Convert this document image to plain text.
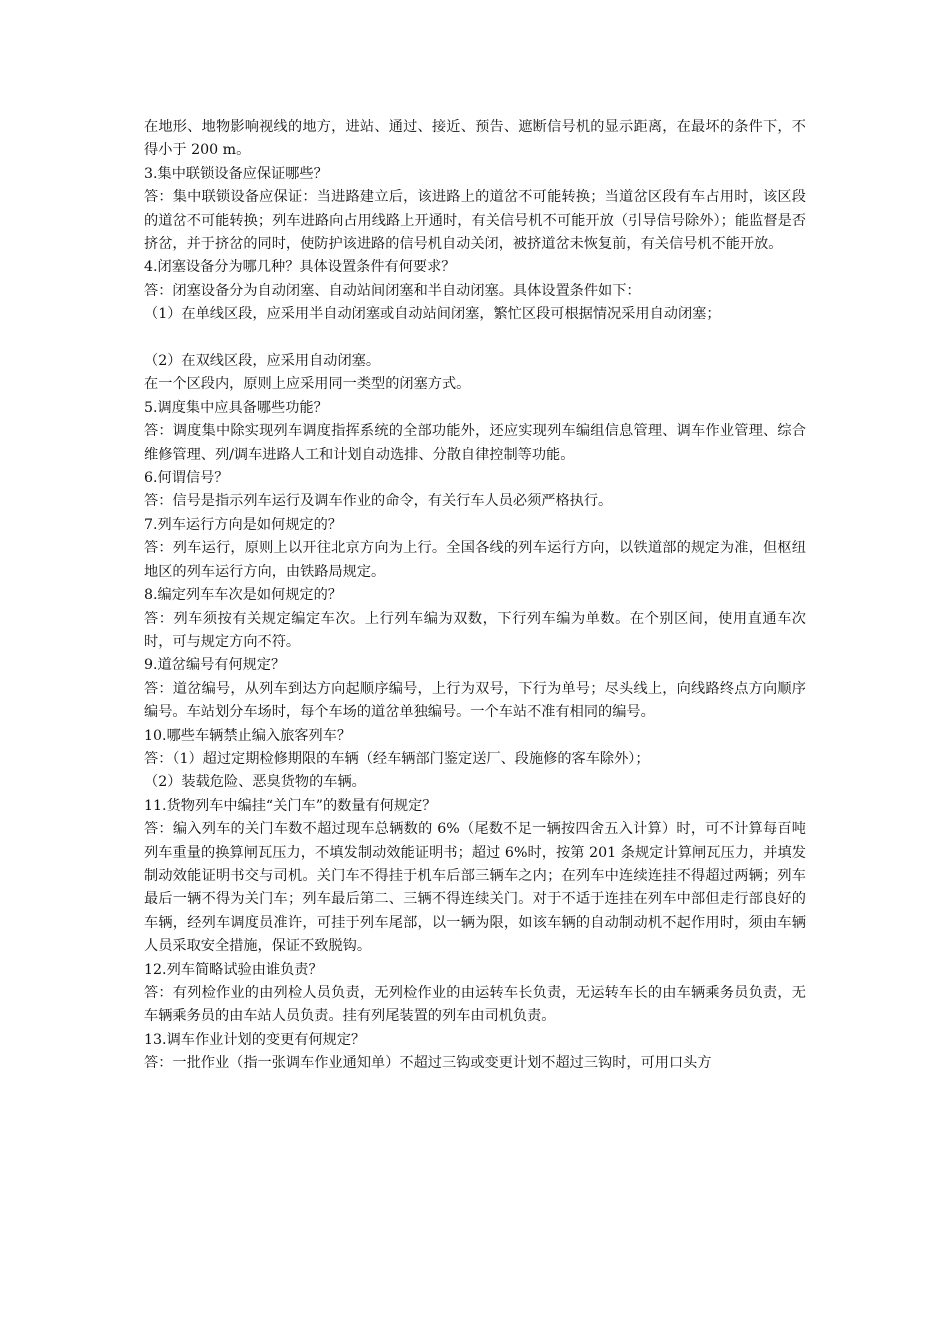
在地形、地物影响视线的地方，进站、通过、接近、预告、遮断信号机的显示距离，在最坏的条件下，不得小于 200 m。
3.集中联锁设备应保证哪些？
答：集中联锁设备应保证：当进路建立后，该进路上的道岔不可能转换；当道岔区段有车占用时，该区段的道岔不可能转换；列车进路向占用线路上开通时，有关信号机不可能开放（引导信号除外）；能监督是否挤岔，并于挤岔的同时，使防护该进路的信号机自动关闭，被挤道岔未恢复前，有关信号机不能开放。
4.闭塞设备分为哪几种？具体设置条件有何要求？
答：闭塞设备分为自动闭塞、自动站间闭塞和半自动闭塞。具体设置条件如下：
（1）在单线区段，应采用半自动闭塞或自动站间闭塞，繁忙区段可根据情况采用自动闭塞；
（2）在双线区段，应采用自动闭塞。
在一个区段内，原则上应采用同一类型的闭塞方式。
5.调度集中应具备哪些功能？
答：调度集中除实现列车调度指挥系统的全部功能外，还应实现列车编组信息管理、调车作业管理、综合维修管理、列/调车进路人工和计划自动选排、分散自律控制等功能。
6.何谓信号？
答：信号是指示列车运行及调车作业的命令，有关行车人员必须严格执行。
7.列车运行方向是如何规定的？
答：列车运行，原则上以开往北京方向为上行。全国各线的列车运行方向，以铁道部的规定为准，但枢纽地区的列车运行方向，由铁路局规定。
8.编定列车车次是如何规定的？
答：列车须按有关规定编定车次。上行列车编为双数，下行列车编为单数。在个别区间，使用直通车次时，可与规定方向不符。
9.道岔编号有何规定？
答：道岔编号，从列车到达方向起顺序编号，上行为双号，下行为单号；尽头线上，向线路终点方向顺序编号。车站划分车场时，每个车场的道岔单独编号。一个车站不准有相同的编号。
10.哪些车辆禁止编入旅客列车？
答：（1）超过定期检修期限的车辆（经车辆部门鉴定送厂、段施修的客车除外）；
（2）装载危险、恶臭货物的车辆。
11.货物列车中编挂“关门车”的数量有何规定？
答：编入列车的关门车数不超过现车总辆数的 6%（尾数不足一辆按四舍五入计算）时，可不计算每百吨列车重量的换算闸瓦压力，不填发制动效能证明书；超过 6%时，按第 201 条规定计算闸瓦压力，并填发制动效能证明书交与司机。关门车不得挂于机车后部三辆车之内；在列车中连续连挂不得超过两辆；列车最后一辆不得为关门车；列车最后第二、三辆不得连续关门。对于不适于连挂在列车中部但走行部良好的车辆，经列车调度员准许，可挂于列车尾部，以一辆为限，如该车辆的自动制动机不起作用时，须由车辆人员采取安全措施，保证不致脱钩。
12.列车简略试验由谁负责？
答：有列检作业的由列检人员负责，无列检作业的由运转车长负责，无运转车长的由车辆乘务员负责，无车辆乘务员的由车站人员负责。挂有列尾装置的列车由司机负责。
13.调车作业计划的变更有何规定？
答：一批作业（指一张调车作业通知单）不超过三钩或变更计划不超过三钩时，可用口头方
